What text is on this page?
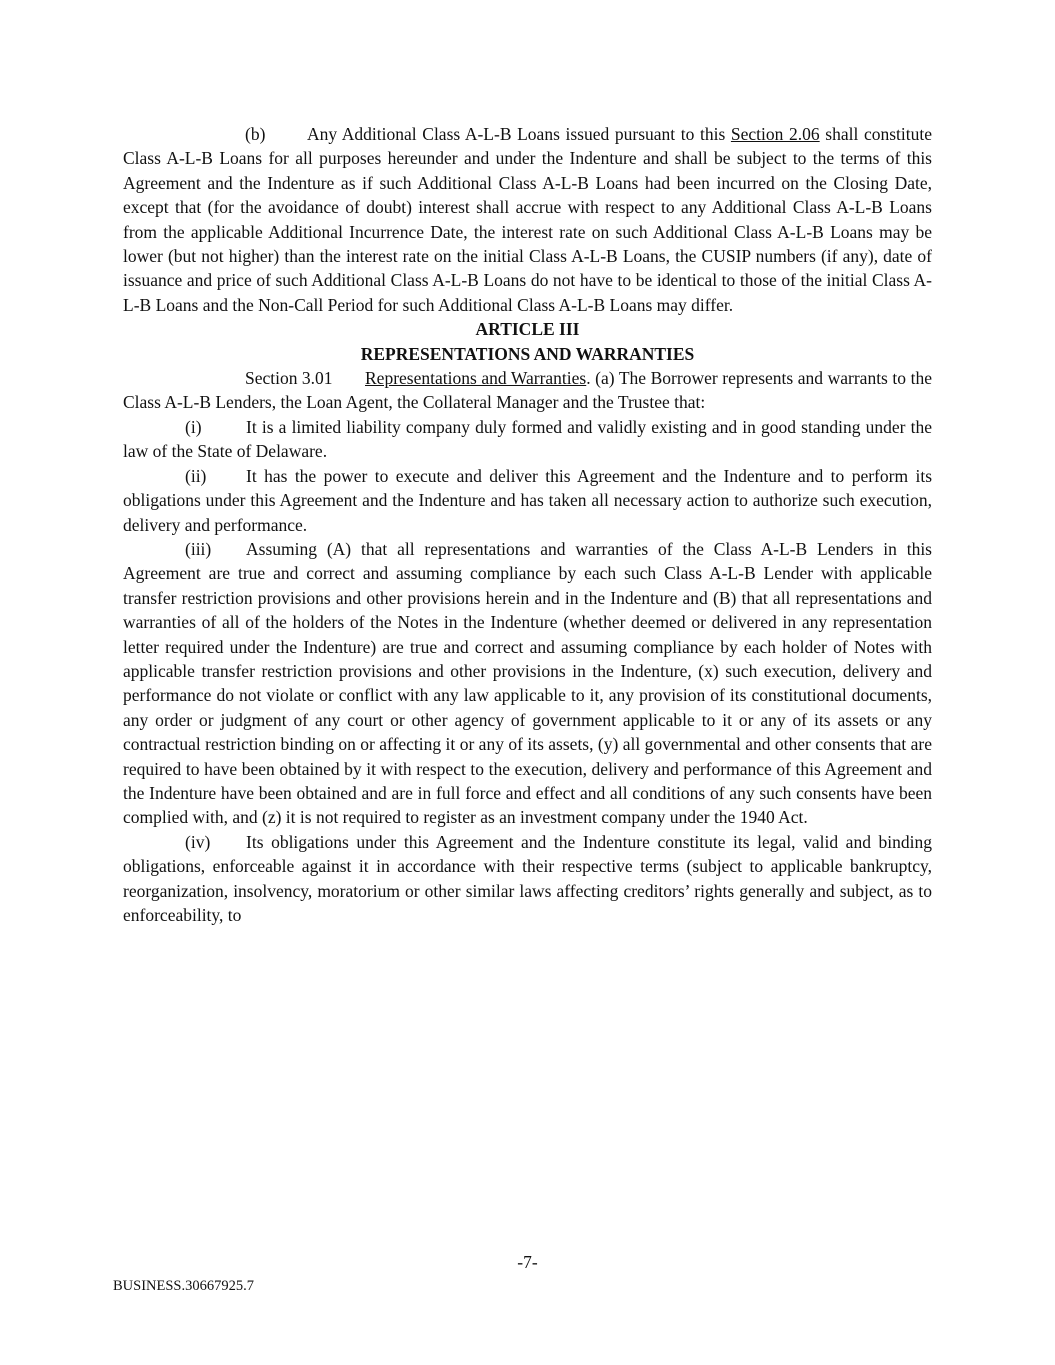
(b) Any Additional Class A-L-B Loans issued pursuant to this Section 2.06 shall constitute Class A-L-B Loans for all purposes hereunder and under the Indenture and shall be subject to the terms of this Agreement and the Indenture as if such Additional Class A-L-B Loans had been incurred on the Closing Date, except that (for the avoidance of doubt) interest shall accrue with respect to any Additional Class A-L-B Loans from the applicable Additional Incurrence Date, the interest rate on such Additional Class A-L-B Loans may be lower (but not higher) than the interest rate on the initial Class A-L-B Loans, the CUSIP numbers (if any), date of issuance and price of such Additional Class A-L-B Loans do not have to be identical to those of the initial Class A-L-B Loans and the Non-Call Period for such Additional Class A-L-B Loans may differ.

ARTICLE III
REPRESENTATIONS AND WARRANTIES

Section 3.01 Representations and Warranties. (a) The Borrower represents and warrants to the Class A-L-B Lenders, the Loan Agent, the Collateral Manager and the Trustee that:

(i)	It is a limited liability company duly formed and validly existing and in good standing under the law of the State of Delaware.

(ii) It has the power to execute and deliver this Agreement and the Indenture and to perform its obligations under this Agreement and the Indenture and has taken all necessary action to authorize such execution, delivery and performance.

(iii) Assuming (A) that all representations and warranties of the Class A-L-B Lenders in this Agreement are true and correct and assuming compliance by each such Class A-L-B Lender with applicable transfer restriction provisions and other provisions herein and in the Indenture and (B) that all representations and warranties of all of the holders of the Notes in the Indenture (whether deemed or delivered in any representation letter required under the Indenture) are true and correct and assuming compliance by each holder of Notes with applicable transfer restriction provisions and other provisions in the Indenture, (x) such execution, delivery and performance do not violate or conflict with any law applicable to it, any provision of its constitutional documents, any order or judgment of any court or other agency of government applicable to it or any of its assets or any contractual restriction binding on or affecting it or any of its assets, (y) all governmental and other consents that are required to have been obtained by it with respect to the execution, delivery and performance of this Agreement and the Indenture have been obtained and are in full force and effect and all conditions of any such consents have been complied with, and (z) it is not required to register as an investment company under the 1940 Act.

(iv) Its obligations under this Agreement and the Indenture constitute its legal, valid and binding obligations, enforceable against it in accordance with their respective terms (subject to applicable bankruptcy, reorganization, insolvency, moratorium or other similar laws affecting creditors’ rights generally and subject, as to enforceability, to

-7-
BUSINESS.30667925.7
